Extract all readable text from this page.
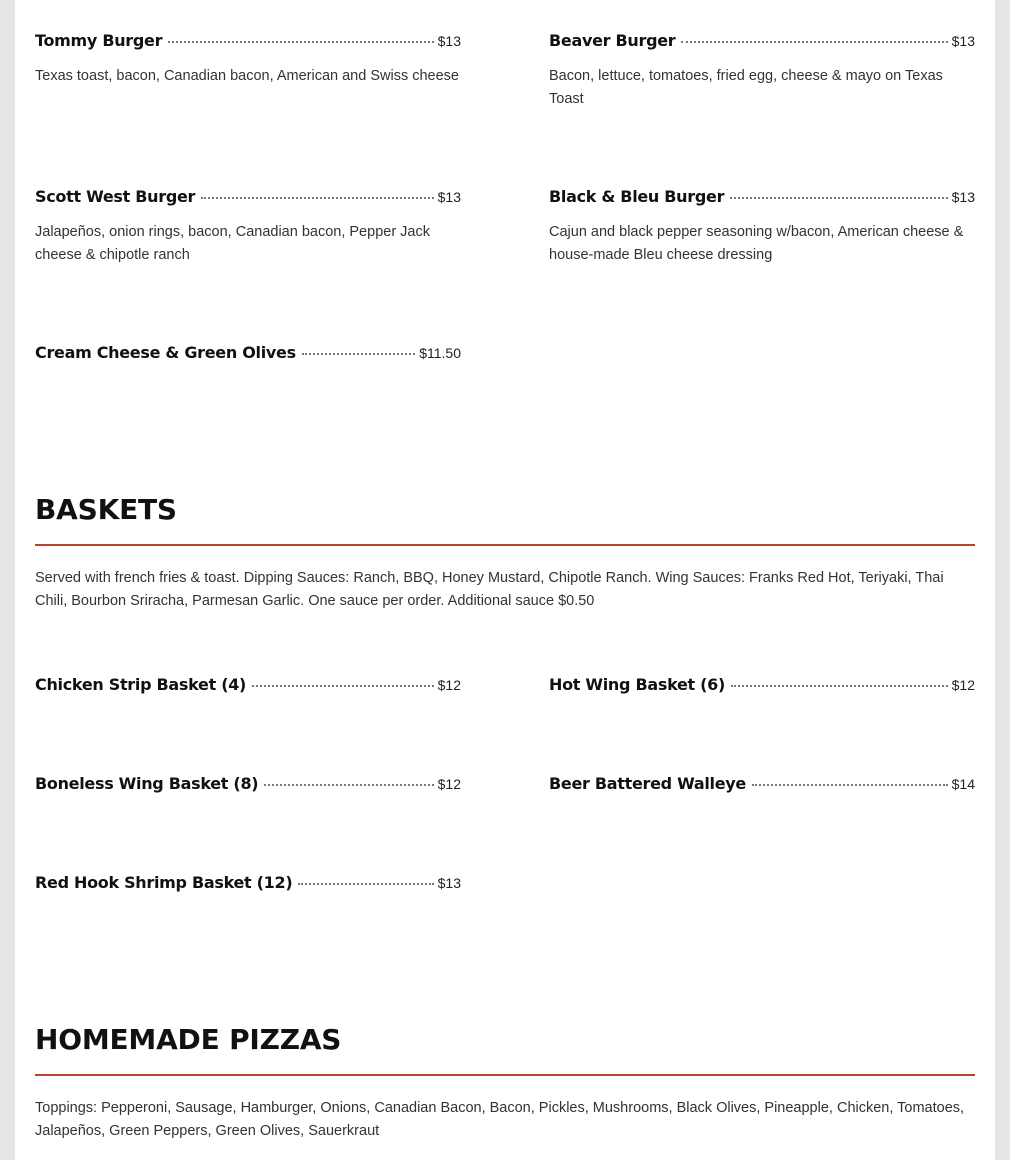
Tommy Burger	$13
Texas toast, bacon, Canadian bacon, American and Swiss cheese
Beaver Burger	$13
Bacon, lettuce, tomatoes, fried egg, cheese & mayo on Texas Toast
Scott West Burger	$13
Jalapeños, onion rings, bacon, Canadian bacon, Pepper Jack cheese & chipotle ranch
Black & Bleu Burger	$13
Cajun and black pepper seasoning w/bacon, American cheese & house-made Bleu cheese dressing
Cream Cheese & Green Olives	$11.50
BASKETS

Served with french fries & toast. Dipping Sauces: Ranch, BBQ, Honey Mustard, Chipotle Ranch. Wing Sauces: Franks Red Hot, Teriyaki, Thai Chili, Bourbon Sriracha, Parmesan Garlic. One sauce per order. Additional sauce $0.50

Chicken Strip Basket (4)	$12	Hot Wing Basket (6)	$12
Boneless Wing Basket (8)	$12	Beer Battered Walleye	$14
Red Hook Shrimp Basket (12)	$13
HOMEMADE PIZZAS

Toppings: Pepperoni, Sausage, Hamburger, Onions, Canadian Bacon, Bacon, Pickles, Mushrooms, Black Olives, Pineapple, Chicken, Tomatoes, Jalapeños, Green Peppers, Green Olives, Sauerkraut
